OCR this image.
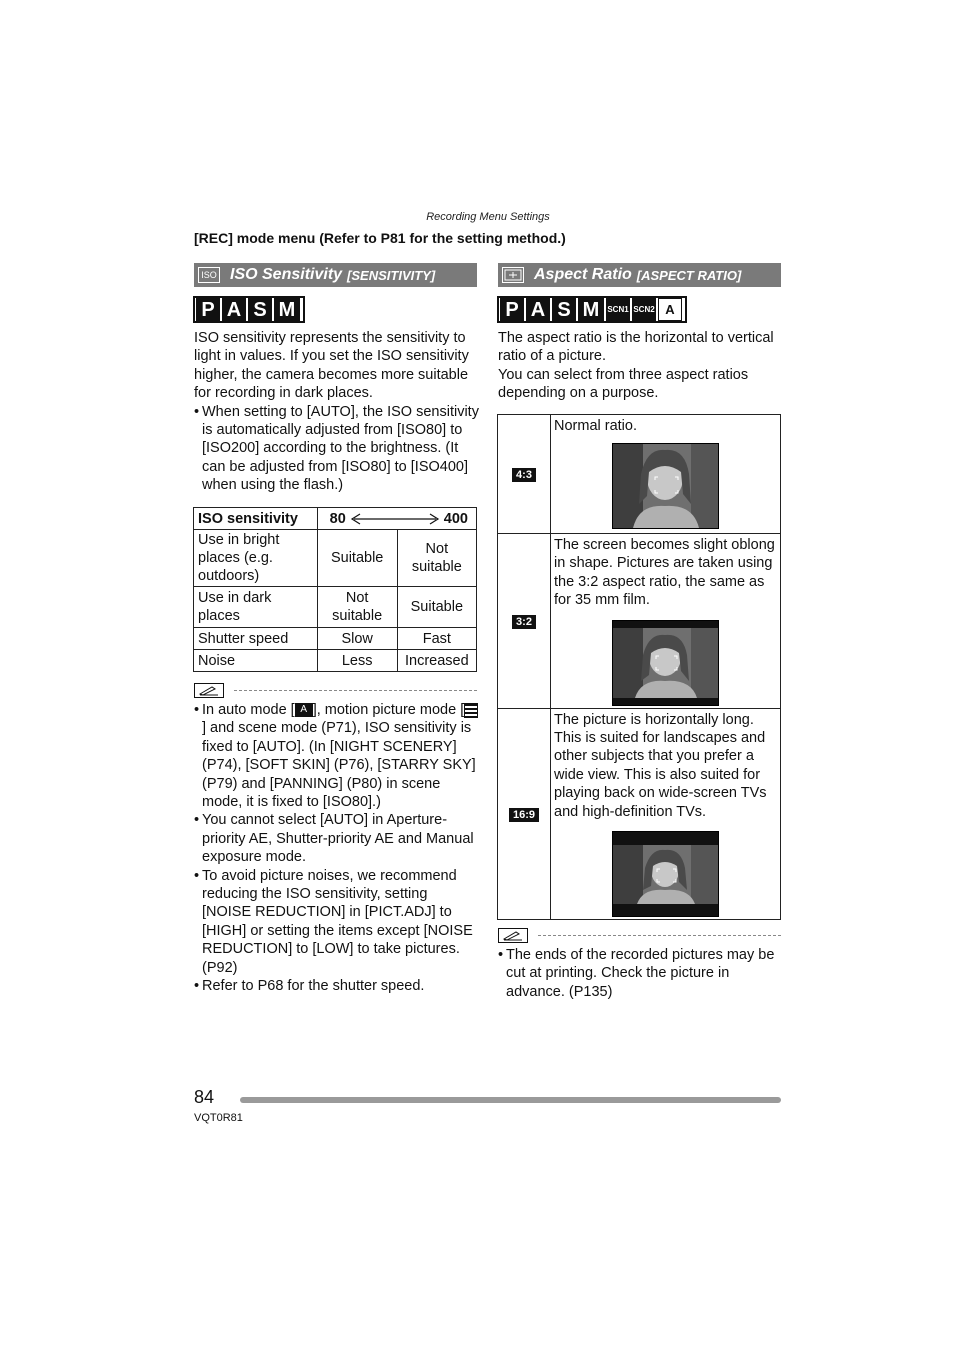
Recording Menu Settings
[REC] mode menu (Refer to P81 for the setting method.)
ISO ISO Sensitivity [SENSITIVITY]
P A S M

ISO sensitivity represents the sensitivity to light in values. If you set the ISO sensitivity higher, the camera becomes more suitable for recording in dark places.

• When setting to [AUTO], the ISO sensitivity is automatically adjusted from [ISO80] to [ISO200] according to the brightness. (It can be adjusted from [ISO80] to [ISO400] when using the flash.)

ISO sensitivity	80 400	

Use in bright places (e.g. outdoors)	Suitable	Not suitable
Use in dark places	Not suitable	Suitable
Shutter speed	Slow	Fast
Noise	Less	Increased

• In auto mode [ A ], motion picture mode [] and scene mode (P71), ISO sensitivity is fixed to [AUTO]. (In [NIGHT SCENERY] (P74), [SOFT SKIN] (P76), [STARRY SKY] (P79) and [PANNING] (P80) in scene mode, it is fixed to [ISO80].)

• You cannot select [AUTO] in Aperture-priority AE, Shutter-priority AE and Manual exposure mode.

• To avoid picture noises, we recommend reducing the ISO sensitivity, setting [NOISE REDUCTION] in [PICT.ADJ] to [HIGH] or setting the items except [NOISE REDUCTION] to [LOW] to take pictures. (P92)

• Refer to P68 for the shutter speed.

Aspect Ratio [ASPECT RATIO]
P A S M	SCN1 SCN2 A

The aspect ratio is the horizontal to vertical ratio of a picture.

You can select from three aspect ratios depending on a purpose.

4:3	Normal ratio.

3:2	The screen becomes slight oblong in shape. Pictures are taken using the 3:2 aspect ratio, the same as for 35 mm film.

16:9	The picture is horizontally long. This is suited for landscapes and other subjects that you prefer a wide view. This is also suited for playing back on wide-screen TVs and high-definition TVs.

• The ends of the recorded pictures may be cut at printing. Check the picture in advance. (P135)

84
VQT0R81
